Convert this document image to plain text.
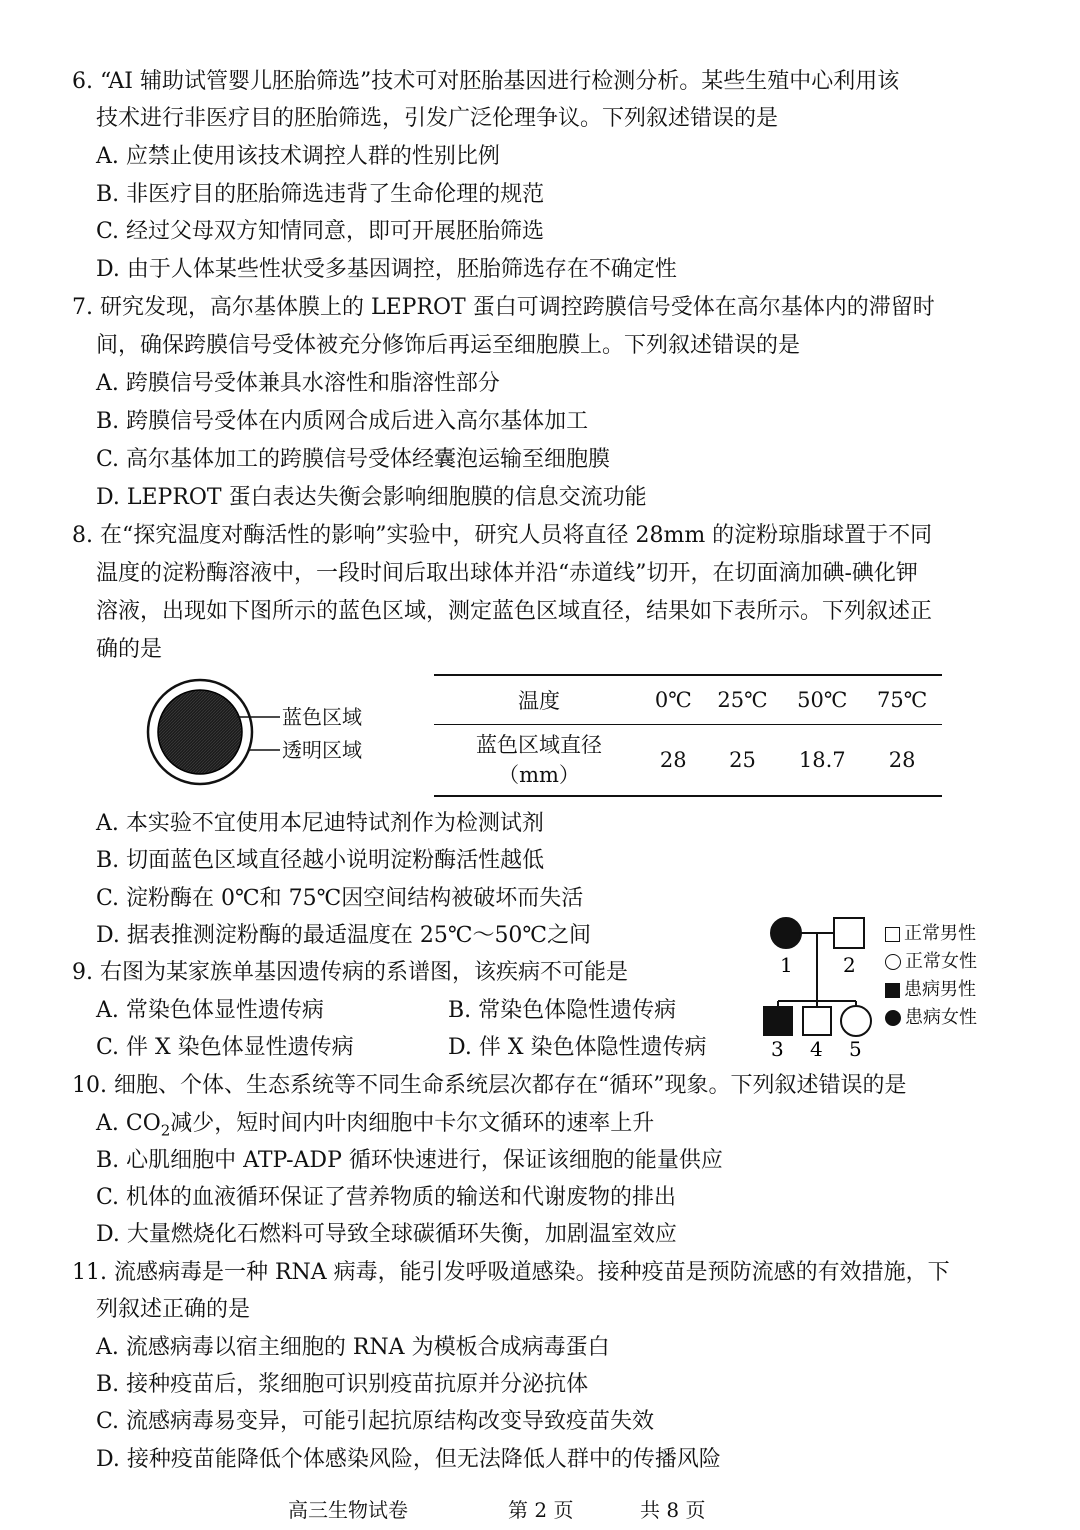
6. “AI 辅助试管婴儿胚胎筛选”技术可对胚胎基因进行检测分析。某些生殖中心利用该
技术进行非医疗目的胚胎筛选，引发广泛伦理争议。下列叙述错误的是
A. 应禁止使用该技术调控人群的性别比例
B. 非医疗目的胚胎筛选违背了生命伦理的规范
C. 经过父母双方知情同意，即可开展胚胎筛选
D. 由于人体某些性状受多基因调控，胚胎筛选存在不确定性
7. 研究发现，高尔基体膜上的 LEPROT 蛋白可调控跨膜信号受体在高尔基体内的滞留时
间，确保跨膜信号受体被充分修饰后再运至细胞膜上。下列叙述错误的是
A. 跨膜信号受体兼具水溶性和脂溶性部分
B. 跨膜信号受体在内质网合成后进入高尔基体加工
C. 高尔基体加工的跨膜信号受体经囊泡运输至细胞膜
D. LEPROT 蛋白表达失衡会影响细胞膜的信息交流功能
8. 在“探究温度对酶活性的影响”实验中，研究人员将直径 28mm 的淀粉琼脂球置于不同
温度的淀粉酶溶液中，一段时间后取出球体并沿“赤道线”切开，在切面滴加碘-碘化钾
溶液，出现如下图所示的蓝色区域，测定蓝色区域直径，结果如下表所示。下列叙述正
确的是
蓝色区域
透明区域
温度	0℃	25℃	50℃	75℃

蓝色区域直径
（mm）	28	25	18.7	28
A. 本实验不宜使用本尼迪特试剂作为检测试剂
B. 切面蓝色区域直径越小说明淀粉酶活性越低
C. 淀粉酶在 0℃和 75℃因空间结构被破坏而失活
D. 据表推测淀粉酶的最适温度在 25℃～50℃之间
9. 右图为某家族单基因遗传病的系谱图，该疾病不可能是
A. 常染色体显性遗传病	B. 常染色体隐性遗传病
C. 伴 X 染色体显性遗传病	D. 伴 X 染色体隐性遗传病
1	2
3 4 5
正常男性
正常女性
患病男性
患病女性
10. 细胞、个体、生态系统等不同生命系统层次都存在“循环”现象。下列叙述错误的是
A. $CO_2$减少，短时间内叶肉细胞中卡尔文循环的速率上升
B. 心肌细胞中 ATP-ADP 循环快速进行，保证该细胞的能量供应
C. 机体的血液循环保证了营养物质的输送和代谢废物的排出
D. 大量燃烧化石燃料可导致全球碳循环失衡，加剧温室效应
11. 流感病毒是一种 RNA 病毒，能引发呼吸道感染。接种疫苗是预防流感的有效措施，下
列叙述正确的是
A. 流感病毒以宿主细胞的 RNA 为模板合成病毒蛋白
B. 接种疫苗后，浆细胞可识别疫苗抗原并分泌抗体
C. 流感病毒易变异，可能引起抗原结构改变导致疫苗失效
D. 接种疫苗能降低个体感染风险，但无法降低人群中的传播风险
高三生物试卷	第 2 页	共 8 页
